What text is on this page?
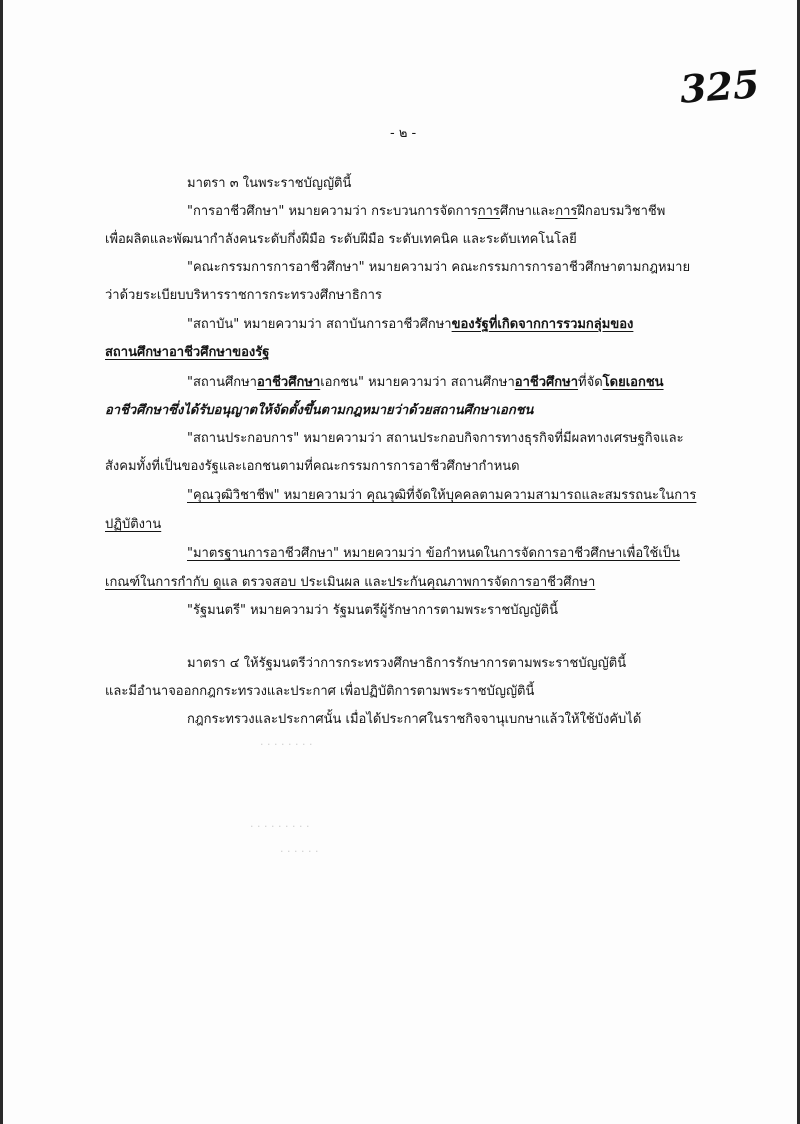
325
- ๒ -
มาตรา ๓ ในพระราชบัญญัตินี้
"การอาชีวศึกษา" หมายความว่า กระบวนการจัดการการศึกษาและการฝึกอบรมวิชาชีพ
เพื่อผลิตและพัฒนากำลังคนระดับกึ่งฝีมือ ระดับฝีมือ ระดับเทคนิค และระดับเทคโนโลยี
"คณะกรรมการการอาชีวศึกษา" หมายความว่า คณะกรรมการการอาชีวศึกษาตามกฎหมาย
ว่าด้วยระเบียบบริหารราชการกระทรวงศึกษาธิการ
"สถาบัน" หมายความว่า สถาบันการอาชีวศึกษาของรัฐที่เกิดจากการรวมกลุ่มของ
สถานศึกษาอาชีวศึกษาของรัฐ
"สถานศึกษาอาชีวศึกษาเอกชน" หมายความว่า สถานศึกษาอาชีวศึกษาที่จัดโดยเอกชน
อาชีวศึกษาซึ่งได้รับอนุญาตให้จัดตั้งขึ้นตามกฎหมายว่าด้วยสถานศึกษาเอกชน
"สถานประกอบการ" หมายความว่า สถานประกอบกิจการทางธุรกิจที่มีผลทางเศรษฐกิจและ
สังคมทั้งที่เป็นของรัฐและเอกชนตามที่คณะกรรมการการอาชีวศึกษากำหนด
"คุณวุฒิวิชาชีพ" หมายความว่า คุณวุฒิที่จัดให้บุคคลตามความสามารถและสมรรถนะในการ
ปฏิบัติงาน
"มาตรฐานการอาชีวศึกษา" หมายความว่า ข้อกำหนดในการจัดการอาชีวศึกษาเพื่อใช้เป็น
เกณฑ์ในการกำกับ ดูแล ตรวจสอบ ประเมินผล และประกันคุณภาพการจัดการอาชีวศึกษา
"รัฐมนตรี" หมายความว่า รัฐมนตรีผู้รักษาการตามพระราชบัญญัตินี้
มาตรา ๔ ให้รัฐมนตรีว่าการกระทรวงศึกษาธิการรักษาการตามพระราชบัญญัตินี้
และมีอำนาจออกกฎกระทรวงและประกาศ เพื่อปฏิบัติการตามพระราชบัญญัตินี้
กฎกระทรวงและประกาศนั้น เมื่อได้ประกาศในราชกิจจานุเบกษาแล้วให้ใช้บังคับได้
· · · · · · · ·
· · · · · · · · ·
· · · · · ·
